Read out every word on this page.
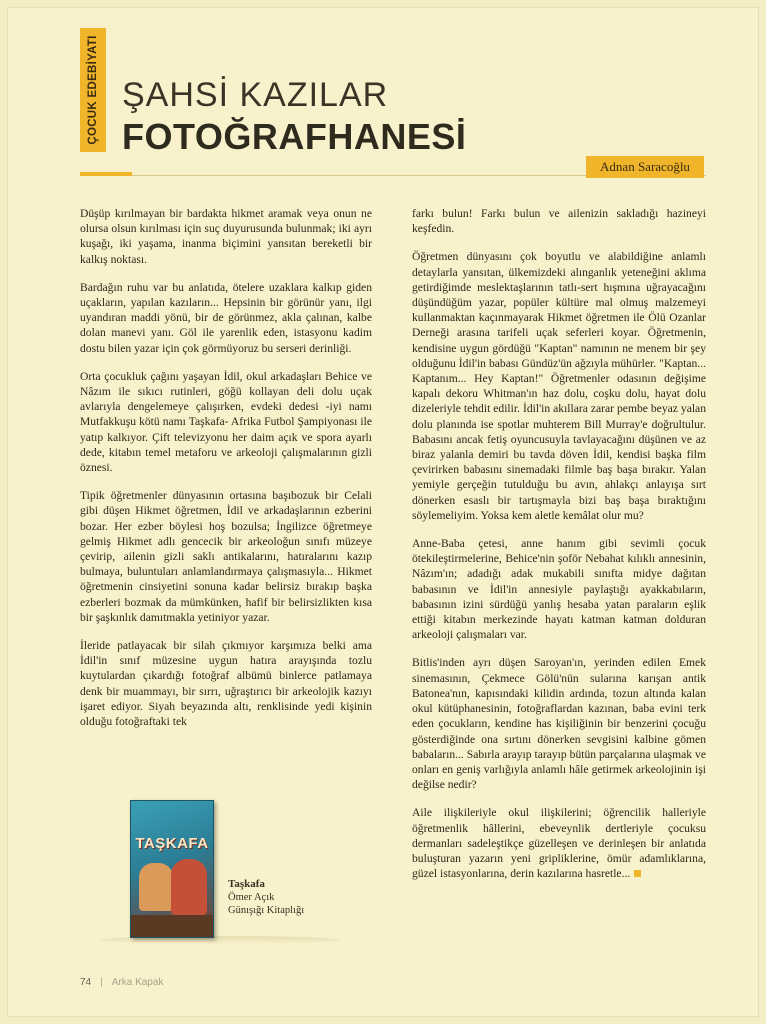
ÇOCUK EDEBİYATI ŞAHSİ KAZILAR
FOTOĞRAFHANESİ
Adnan Saracoğlu

Düşüp kırılmayan bir bardakta hikmet aramak veya onun ne olursa olsun kırılması için suç duyurusunda bulunmak; iki ayrı kuşağı, iki yaşama, inanma biçimini yansıtan bereketli bir kalkış noktası.

Bardağın ruhu var bu anlatıda, ötelere uzaklara kalkıp giden uçakların, yapılan kazıların... Hepsinin bir görünür yanı, ilgi uyandıran maddi yönü, bir de görünmez, akla çalınan, kalbe dolan manevi yanı. Göl ile yarenlik eden, istasyonu kadim dostu bilen yazar için çok görmüyoruz bu serseri derinliği.

Orta çocukluk çağını yaşayan İdil, okul arkadaşları Behice ve Nâzım ile sıkıcı rutinleri, göğü kollayan deli dolu uçak avlarıyla dengelemeye çalışırken, evdeki dedesi -iyi namı Mutfakkuşu kötü namı Taşkafa- Afrika Futbol Şampiyonası ile yatıp kalkıyor. Çift televizyonu her daim açık ve spora ayarlı dede, kitabın temel metaforu ve arkeoloji çalışmalarının gizli öznesi.

Tipik öğretmenler dünyasının ortasına başıbozuk bir Celali gibi düşen Hikmet öğretmen, İdil ve arkadaşlarının ezberini bozar. Her ezber böylesi hoş bozulsa; İngilizce öğretmeye gelmiş Hikmet adlı gencecik bir arkeoloğun sınıfı müzeye çevirip, ailenin gizli saklı antikalarını, hatıralarını kazıp bulmaya, buluntuları anlamlandırmaya çalışmasıyla... Hikmet öğretmenin cinsiyetini sonuna kadar belirsiz bırakıp başka ezberleri bozmak da mümkünken, hafif bir belirsizlikten kısa bir şaşkınlık damıtmakla yetiniyor yazar.

İleride patlayacak bir silah çıkmıyor karşımıza belki ama İdil'in sınıf müzesine uygun hatıra arayışında tozlu kuytulardan çıkardığı fotoğraf albümü binlerce patlamaya denk bir muammayı, bir sırrı, uğraştırıcı bir arkeolojik kazıyı işaret ediyor. Siyah beyazında altı, renklisinde yedi kişinin olduğu fotoğraftaki tek

farkı bulun! Farkı bulun ve ailenizin sakladığı hazineyi keşfedin.

Öğretmen dünyasını çok boyutlu ve alabildiğine anlamlı detaylarla yansıtan, ülkemizdeki alınganlık yeteneğini aklıma getirdiğimde meslektaşlarının tatlı-sert hışmına uğrayacağını düşündüğüm yazar, popüler kültüre mal olmuş malzemeyi kullanmaktan kaçınmayarak Hikmet öğretmen ile Ölü Ozanlar Derneği arasına tarifeli uçak seferleri koyar. Öğretmenin, kendisine uygun gördüğü "Kaptan" namının ne menem bir şey olduğunu İdil'in babası Gündüz'ün ağzıyla mühürler. "Kaptan... Kaptanım... Hey Kaptan!" Öğretmenler odasının değişime kapalı dekoru Whitman'ın haz dolu, coşku dolu, hayat dolu dizeleriyle tehdit edilir. İdil'in akıllara zarar pembe beyaz yalan dolu planında ise spotlar muhterem Bill Murray'e doğrultulur. Babasını ancak fetiş oyuncusuyla tavlayacağını düşünen ve az biraz yalanla demiri bu tavda döven İdil, kendisi başka film çevirirken babasını sinemadaki filmle baş başa bırakır. Yalan yemiyle gerçeğin tutulduğu bu avın, ahlakçı anlayışa sırt dönerken esaslı bir tartışmayla bizi baş başa bıraktığını söylemeliyim. Yoksa kem aletle kemâlat olur mu?

Anne-Baba çetesi, anne hanım gibi sevimli çocuk ötekileştirmelerine, Behice'nin şoför Nebahat kılıklı annesinin, Nâzım'ın; adadığı adak mukabili sınıfta midye dağıtan babasının ve İdil'in annesiyle paylaştığı ayakkabıların, babasının izini sürdüğü yanlış hesaba yatan paraların eşlik ettiği kitabın merkezinde hayatı katman katman dolduran arkeoloji çalışmaları var.

Bitlis'inden ayrı düşen Saroyan'ın, yerinden edilen Emek sinemasının, Çekmece Gölü'nün sularına karışan antik Batonea'nın, kapısındaki kilidin ardında, tozun altında kalan okul kütüphanesinin, fotoğraflardan kazınan, baba evini terk eden çocukların, kendine has kişiliğinin bir benzerini çocuğu gösterdiğinde ona sırtını dönerken sevgisini kalbine gömen babaların... Sabırla arayıp tarayıp bütün parçalarına ulaşmak ve onları en geniş varlığıyla anlamlı hâle getirmek arkeolojinin işi değilse nedir?

Aile ilişkileriyle okul ilişkilerini; öğrencilik halleriyle öğretmenlik hâllerini, ebeveynlik dertleriyle çocuksu dermanları sadeleştikçe güzelleşen ve derinleşen bir anlatıda buluşturan yazarın yeni gripliklerine, ömür adamlıklarına, güzel istasyonlarına, derin kazılarına hasretle...

TAŞKAFA
Taşkafa
Ömer Açık
Günışığı Kitaplığı
74 | Arka Kapak
